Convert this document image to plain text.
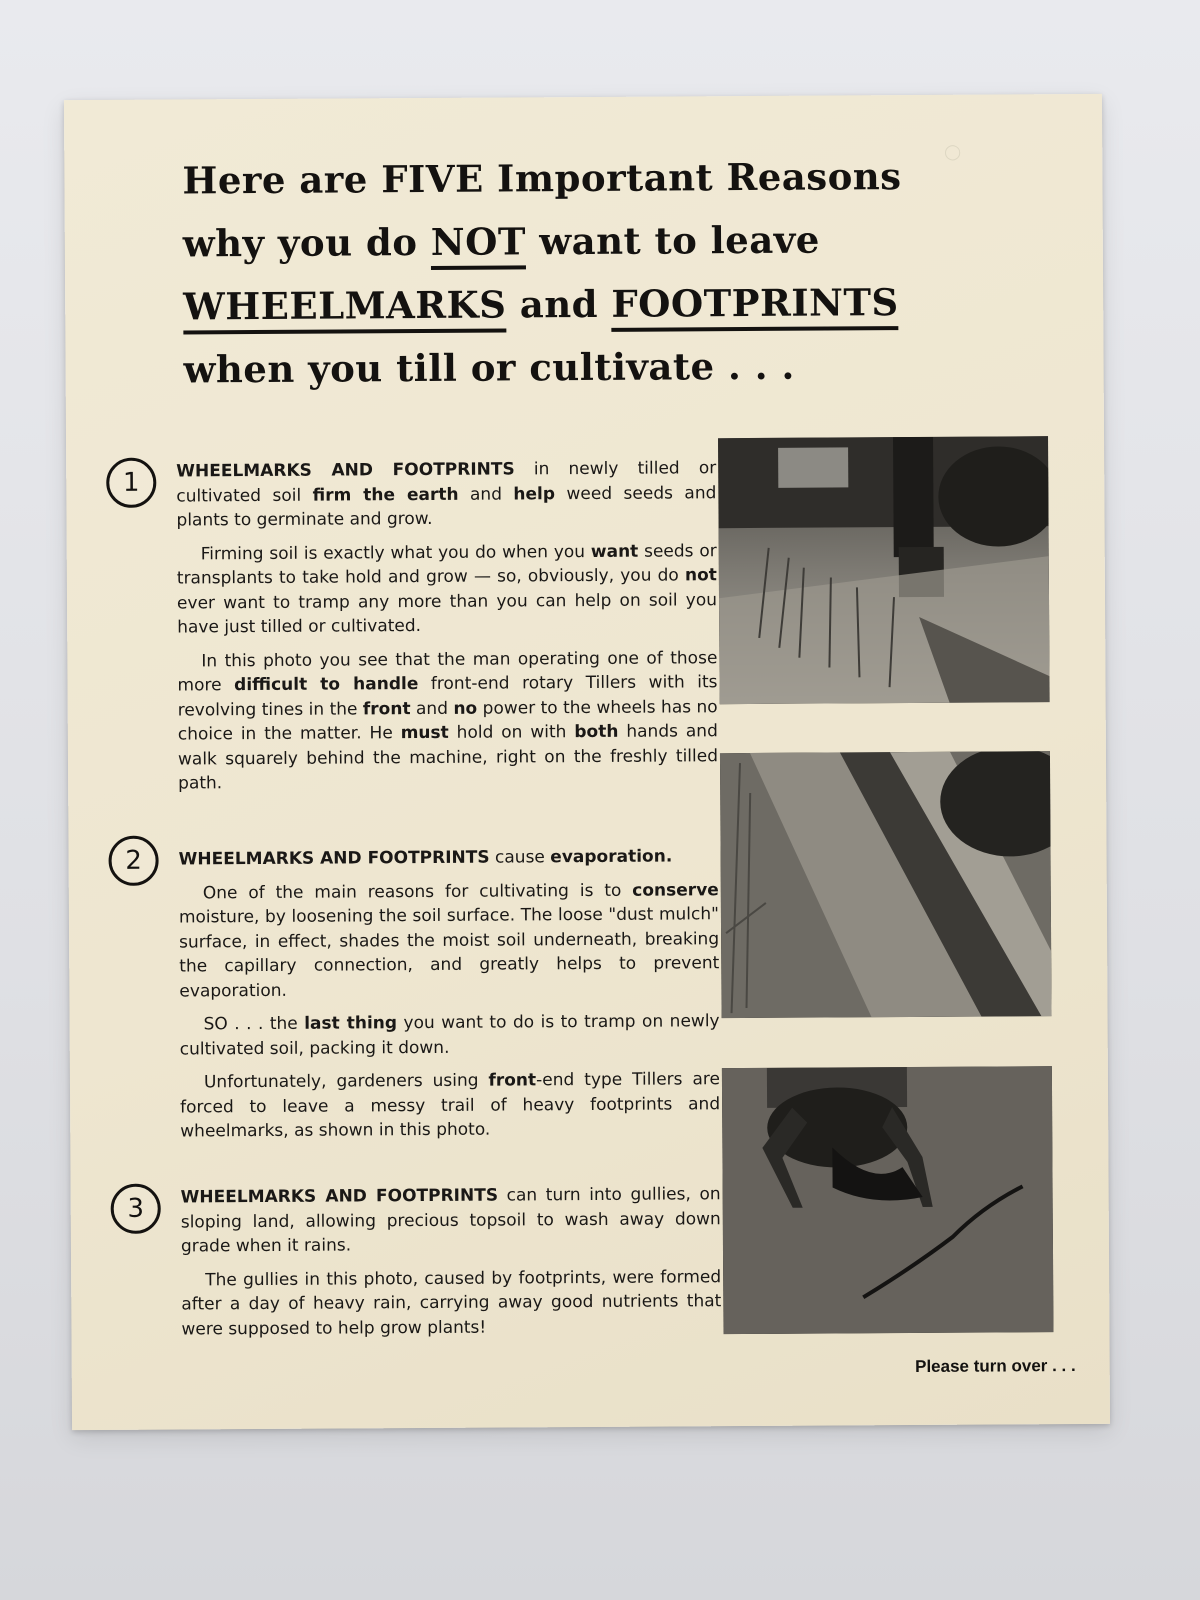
◯
Here are FIVE Important Reasons
why you do NOT want to leave
WHEELMARKS and FOOTPRINTS
when you till or cultivate . . .
1	WHEELMARKS AND FOOTPRINTS in newly tilled or cultivated soil firm the earth and help weed seeds and plants to germinate and grow.

Firming soil is exactly what you do when you want seeds or transplants to take hold and grow — so, obviously, you do not ever want to tramp any more than you can help on soil you have just tilled or cultivated.

In this photo you see that the man operating one of those more difficult to handle front-end rotary Tillers with its revolving tines in the front and no power to the wheels has no choice in the matter. He must hold on with both hands and walk squarely behind the machine, right on the freshly tilled path.

2	WHEELMARKS AND FOOTPRINTS cause evaporation.

One of the main reasons for cultivating is to conserve moisture, by loosening the soil surface. The loose "dust mulch" surface, in effect, shades the moist soil underneath, breaking the capillary connection, and greatly helps to prevent evaporation.

SO . . . the last thing you want to do is to tramp on newly cultivated soil, packing it down.

Unfortunately, gardeners using front-end type Tillers are forced to leave a messy trail of heavy footprints and wheelmarks, as shown in this photo.

3	WHEELMARKS AND FOOTPRINTS can turn into gullies, on sloping land, allowing precious topsoil to wash away down grade when it rains.

The gullies in this photo, caused by footprints, were formed after a day of heavy rain, carrying away good nutrients that were supposed to help grow plants!

Please turn over . . .
